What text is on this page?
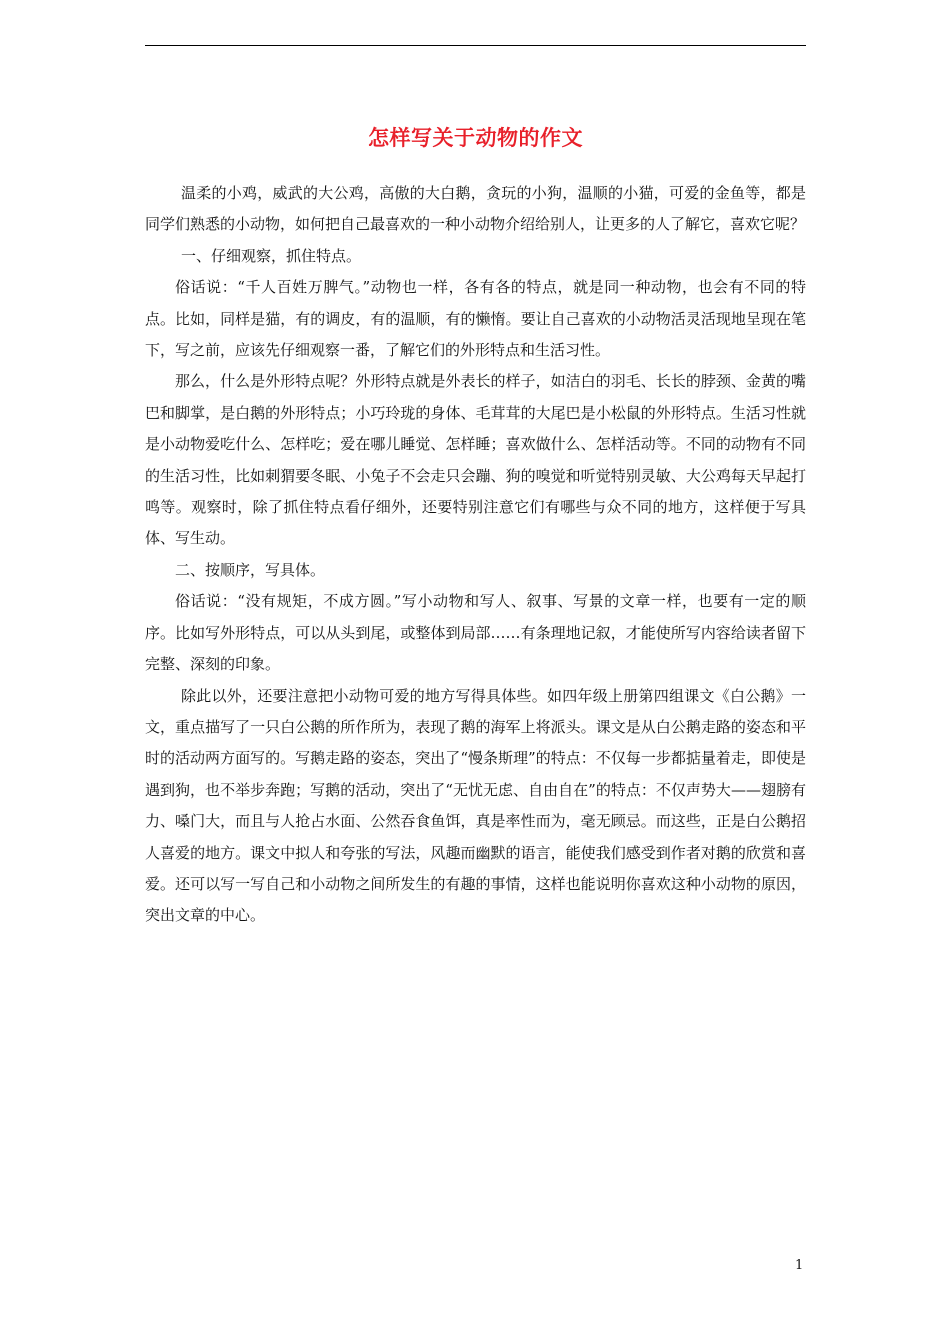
怎样写关于动物的作文

温柔的小鸡，威武的大公鸡，高傲的大白鹅，贪玩的小狗，温顺的小猫，可爱的金鱼等，都是同学们熟悉的小动物，如何把自己最喜欢的一种小动物介绍给别人，让更多的人了解它，喜欢它呢？

一、仔细观察，抓住特点。

俗话说：“千人百姓万脾气。”动物也一样，各有各的特点，就是同一种动物，也会有不同的特点。比如，同样是猫，有的调皮，有的温顺，有的懒惰。要让自己喜欢的小动物活灵活现地呈现在笔下，写之前，应该先仔细观察一番，了解它们的外形特点和生活习性。

那么，什么是外形特点呢？外形特点就是外表长的样子，如洁白的羽毛、长长的脖颈、金黄的嘴巴和脚掌，是白鹅的外形特点；小巧玲珑的身体、毛茸茸的大尾巴是小松鼠的外形特点。生活习性就是小动物爱吃什么、怎样吃；爱在哪儿睡觉、怎样睡；喜欢做什么、怎样活动等。不同的动物有不同的生活习性，比如刺猬要冬眠、小兔子不会走只会蹦、狗的嗅觉和听觉特别灵敏、大公鸡每天早起打鸣等。观察时，除了抓住特点看仔细外，还要特别注意它们有哪些与众不同的地方，这样便于写具体、写生动。

二、按顺序，写具体。

俗话说：“没有规矩，不成方圆。”写小动物和写人、叙事、写景的文章一样，也要有一定的顺序。比如写外形特点，可以从头到尾，或整体到局部……有条理地记叙，才能使所写内容给读者留下完整、深刻的印象。

除此以外，还要注意把小动物可爱的地方写得具体些。如四年级上册第四组课文《白公鹅》一文，重点描写了一只白公鹅的所作所为，表现了鹅的海军上将派头。课文是从白公鹅走路的姿态和平时的活动两方面写的。写鹅走路的姿态，突出了“慢条斯理”的特点：不仅每一步都掂量着走，即使是遇到狗，也不举步奔跑；写鹅的活动，突出了“无忧无虑、自由自在”的特点：不仅声势大——翅膀有力、嗓门大，而且与人抢占水面、公然吞食鱼饵，真是率性而为，毫无顾忌。而这些，正是白公鹅招人喜爱的地方。课文中拟人和夸张的写法，风趣而幽默的语言，能使我们感受到作者对鹅的欣赏和喜爱。还可以写一写自己和小动物之间所发生的有趣的事情，这样也能说明你喜欢这种小动物的原因，突出文章的中心。

1
